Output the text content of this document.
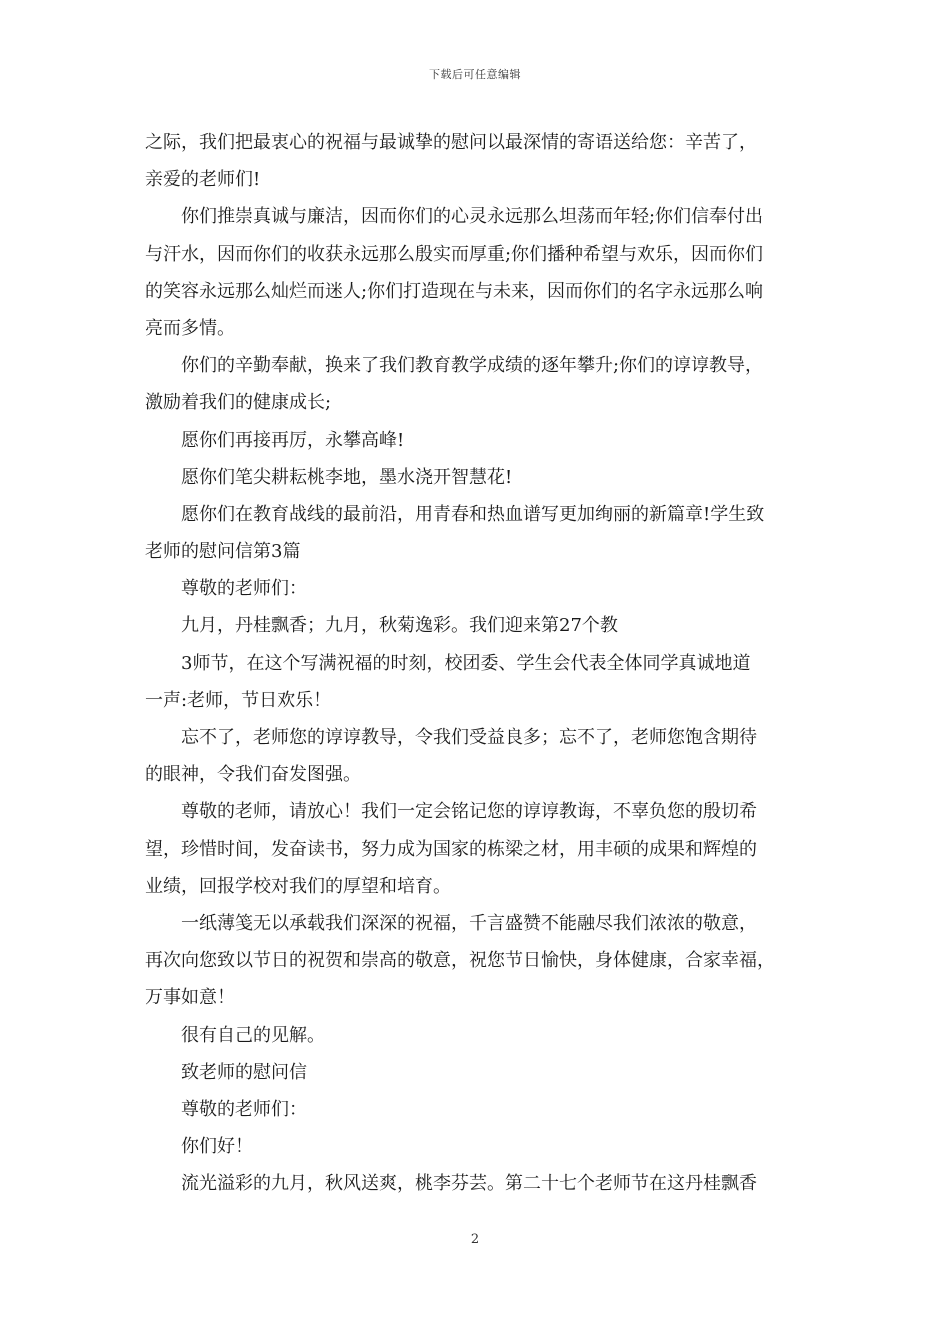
下载后可任意编辑
之际，我们把最衷心的祝福与最诚挚的慰问以最深情的寄语送给您：辛苦了，
亲爱的老师们!
你们推崇真诚与廉洁，因而你们的心灵永远那么坦荡而年轻;你们信奉付出
与汗水，因而你们的收获永远那么殷实而厚重;你们播种希望与欢乐，因而你们
的笑容永远那么灿烂而迷人;你们打造现在与未来，因而你们的名字永远那么响
亮而多情。
你们的辛勤奉献，换来了我们教育教学成绩的逐年攀升;你们的谆谆教导，
激励着我们的健康成长;
愿你们再接再厉，永攀高峰!
愿你们笔尖耕耘桃李地，墨水浇开智慧花!
愿你们在教育战线的最前沿，用青春和热血谱写更加绚丽的新篇章!学生致
老师的慰问信第3篇
尊敬的老师们：
九月，丹桂飘香；九月，秋菊逸彩。我们迎来第27个教
3师节，在这个写满祝福的时刻，校团委、学生会代表全体同学真诚地道
一声:老师，节日欢乐！
忘不了，老师您的谆谆教导，令我们受益良多；忘不了，老师您饱含期待
的眼神，令我们奋发图强。
尊敬的老师，请放心！我们一定会铭记您的谆谆教诲，不辜负您的殷切希
望，珍惜时间，发奋读书，努力成为国家的栋梁之材，用丰硕的成果和辉煌的
业绩，回报学校对我们的厚望和培育。
一纸薄笺无以承载我们深深的祝福，千言盛赞不能融尽我们浓浓的敬意，
再次向您致以节日的祝贺和崇高的敬意，祝您节日愉快，身体健康，合家幸福，
万事如意！
很有自己的见解。
致老师的慰问信
尊敬的老师们：
你们好！
流光溢彩的九月，秋风送爽，桃李芬芸。第二十七个老师节在这丹桂飘香
2
